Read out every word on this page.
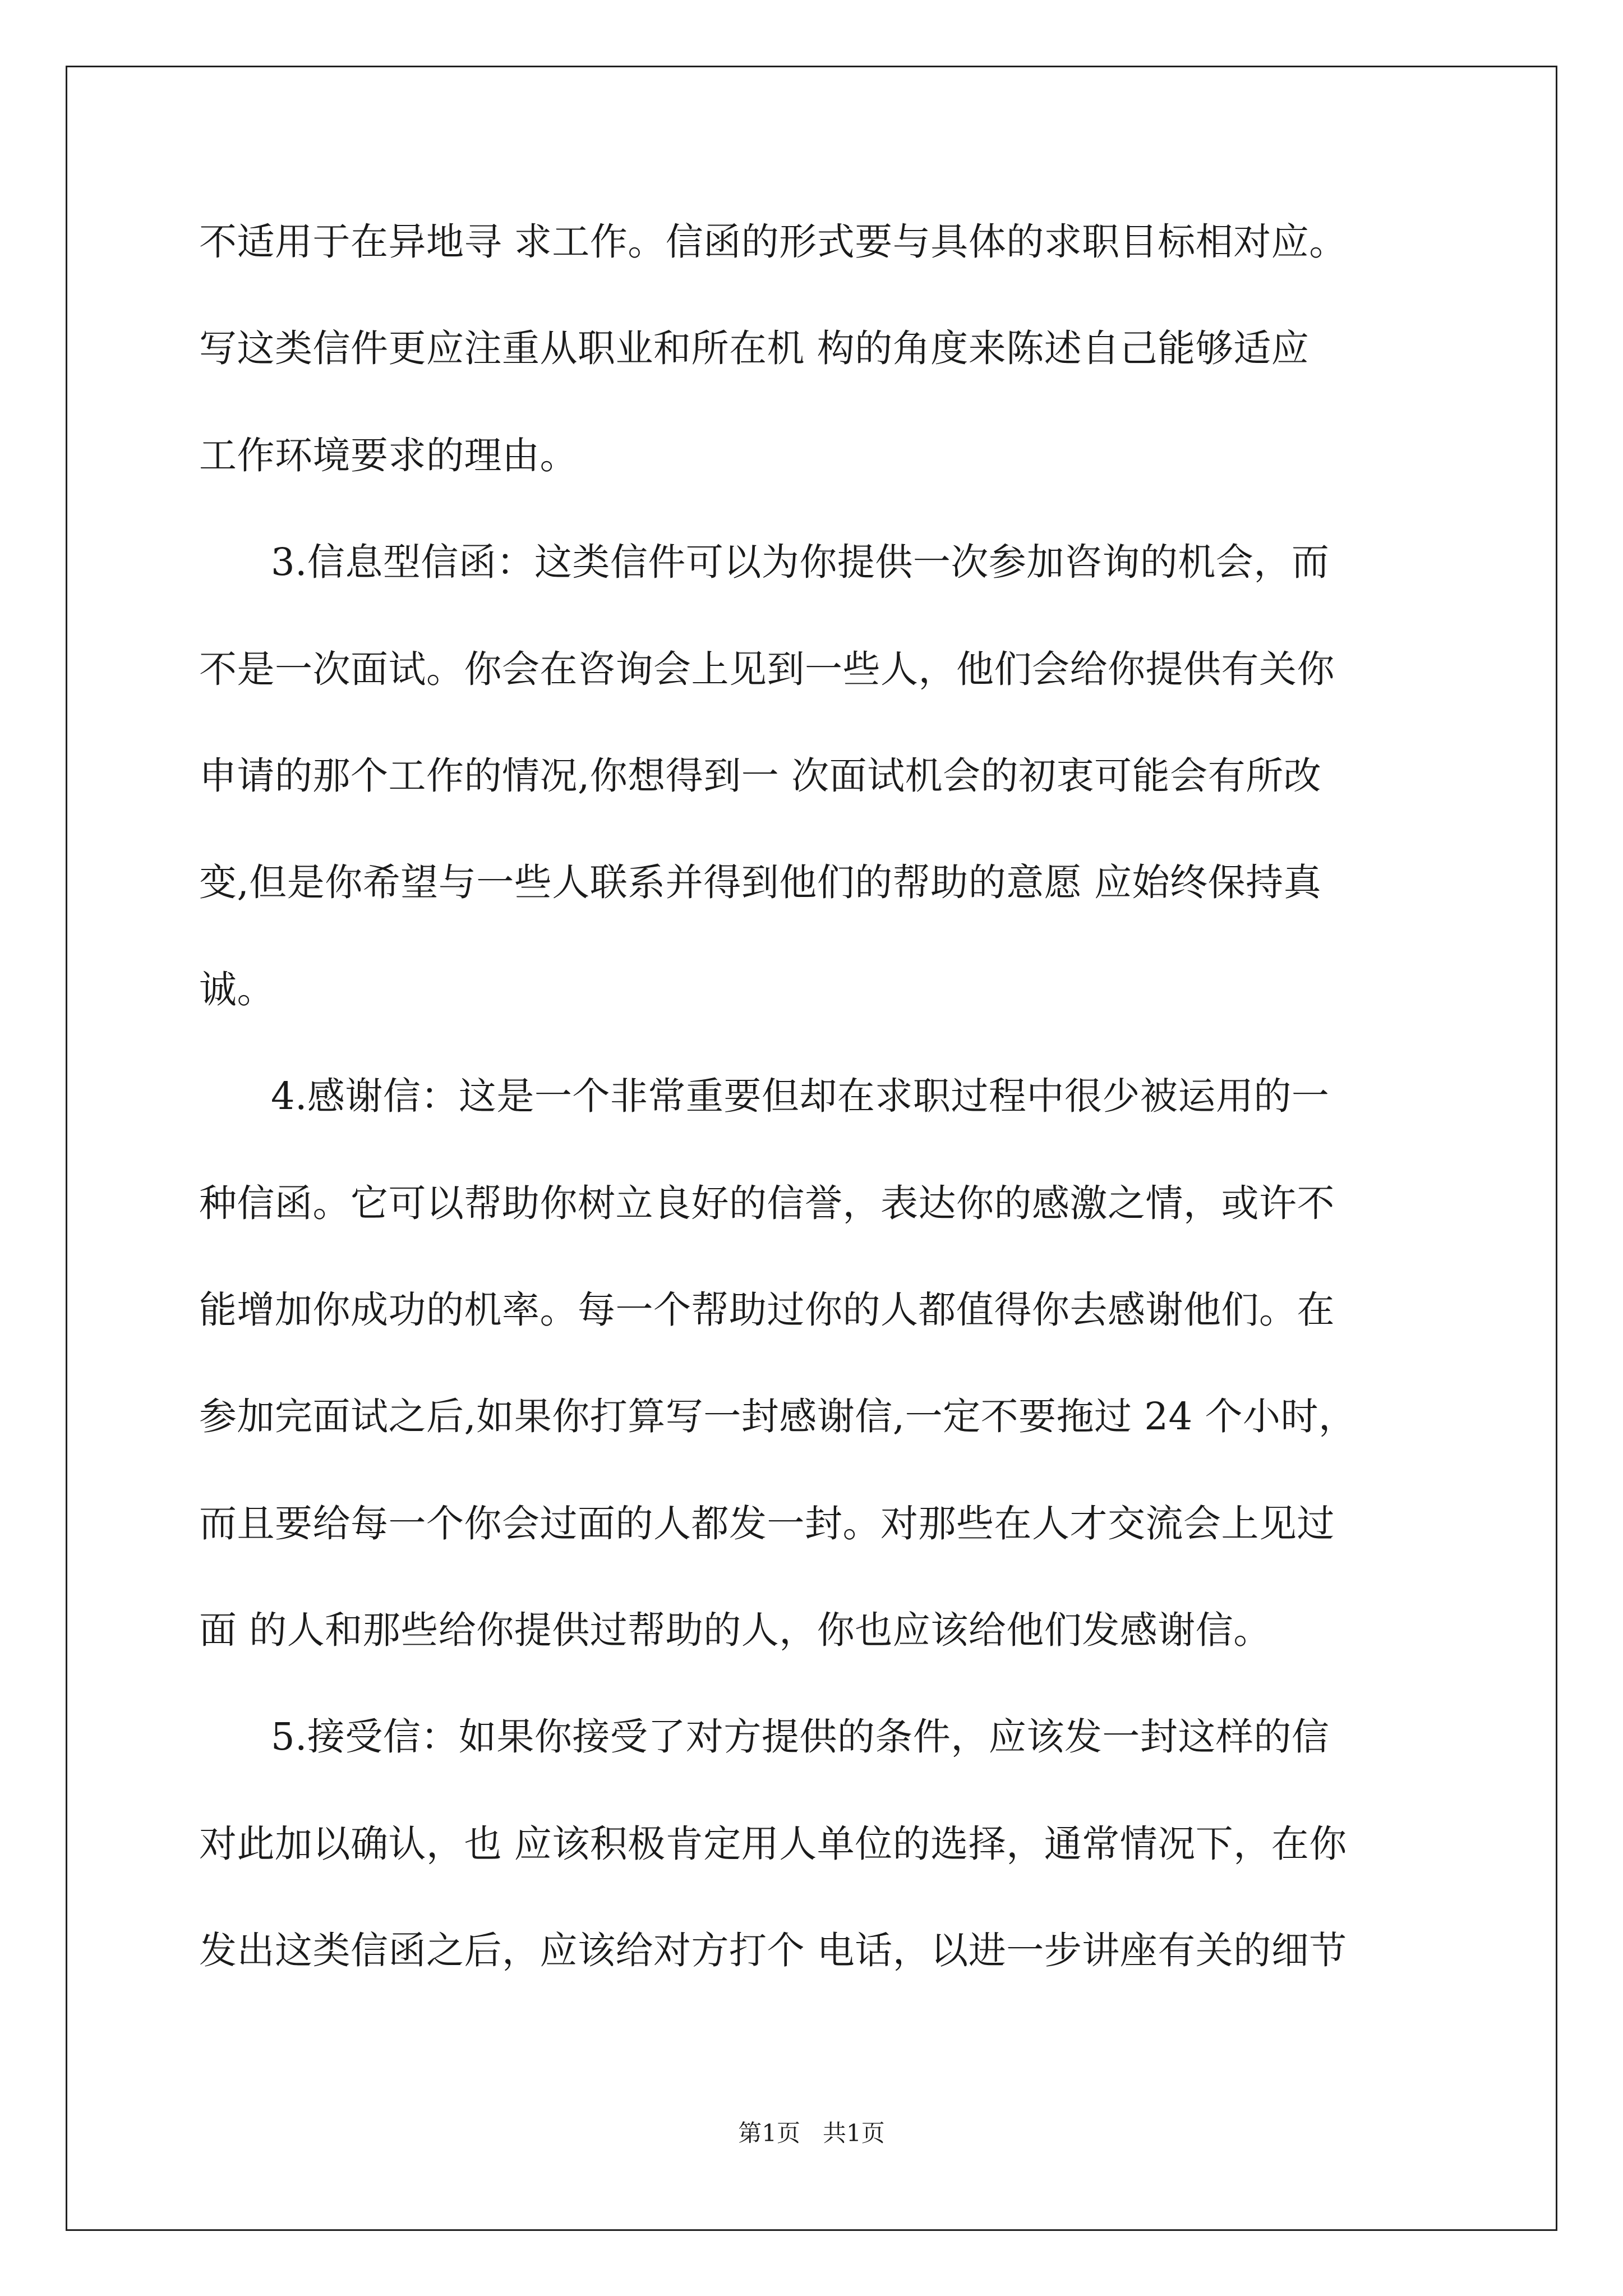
不适用于在异地寻 求工作。信函的形式要与具体的求职目标相对应。
写这类信件更应注重从职业和所在机 构的角度来陈述自己能够适应
工作环境要求的理由。
3.信息型信函：这类信件可以为你提供一次参加咨询的机会，而
不是一次面试。你会在咨询会上见到一些人，他们会给你提供有关你
申请的那个工作的情况,你想得到一 次面试机会的初衷可能会有所改
变,但是你希望与一些人联系并得到他们的帮助的意愿 应始终保持真
诚。
4.感谢信：这是一个非常重要但却在求职过程中很少被运用的一
种信函。它可以帮助你树立良好的信誉，表达你的感激之情，或许不
能增加你成功的机率。每一个帮助过你的人都值得你去感谢他们。在
参加完面试之后,如果你打算写一封感谢信,一定不要拖过 24 个小时，
而且要给每一个你会过面的人都发一封。对那些在人才交流会上见过
面 的人和那些给你提供过帮助的人，你也应该给他们发感谢信。
5.接受信：如果你接受了对方提供的条件，应该发一封这样的信
对此加以确认，也 应该积极肯定用人单位的选择，通常情况下，在你
发出这类信函之后，应该给对方打个 电话，以进一步讲座有关的细节
第1页   共1页
